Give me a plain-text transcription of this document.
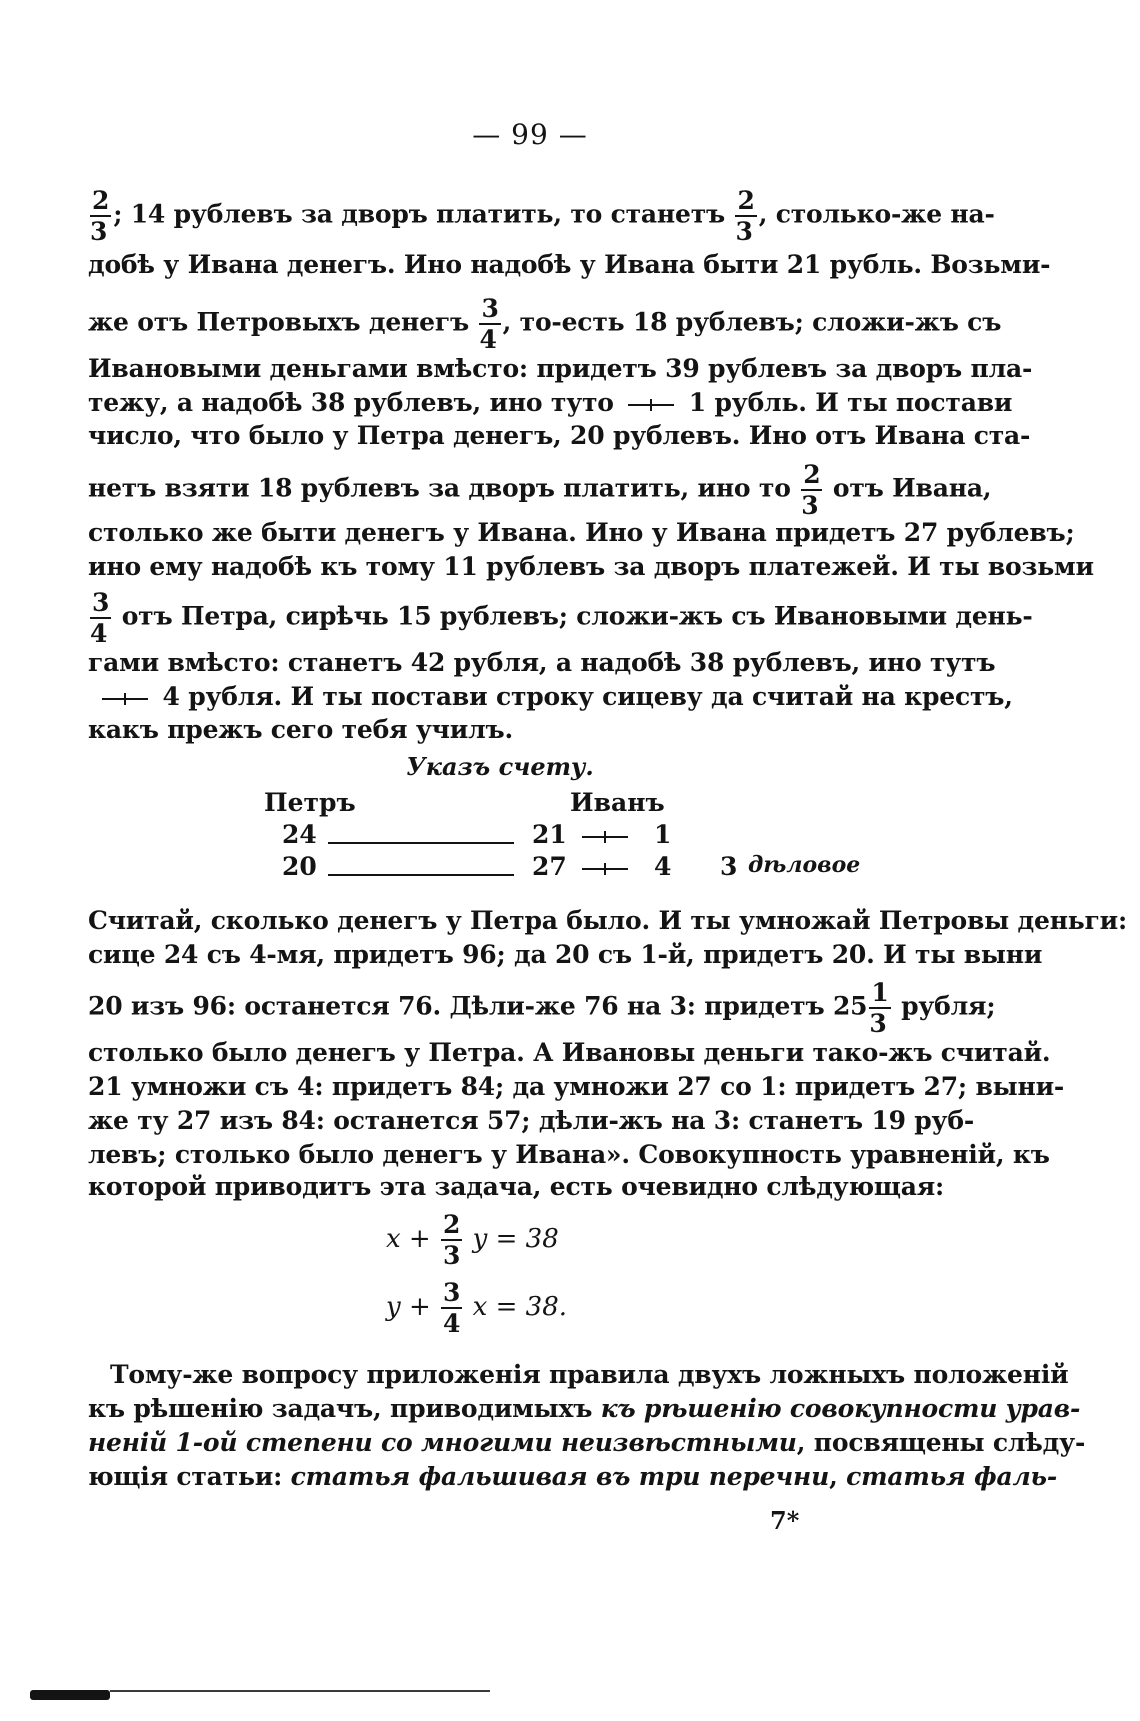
— 99 —
$\frac{2}{3}$ ; 14 рублевъ за дворъ платить, то станетъ $\frac{2}{3}$ , столько-же на-
добѣ у Ивана денегъ. Ино надобѣ у Ивана быти 21 рубль. Возьми-
же отъ Петровыхъ денегъ $\frac{3}{4}$ , то-есть 18 рублевъ; сложи-жъ съ
Ивановыми деньгами вмѣсто: придетъ 39 рублевъ за дворъ пла-
тежу, а надобѣ 38 рублевъ, ино туто  1 рубль. И ты постави
число, что было у Петра денегъ, 20 рублевъ. Ино отъ Ивана ста-
нетъ взяти 18 рублевъ за дворъ платить, ино то $\frac{2}{3}$ отъ Ивана,
столько же быти денегъ у Ивана. Ино у Ивана придетъ 27 рублевъ;
ино ему надобѣ къ тому 11 рублевъ за дворъ платежей. И ты возьми
$\frac{3}{4}$ отъ Петра, сирѣчь 15 рублевъ; сложи-жъ съ Ивановыми день-
гами вмѣсто: станетъ 42 рубля, а надобѣ 38 рублевъ, ино тутъ
4 рубля. И ты постави строку сицеву да считай на крестъ,
какъ прежъ сего тебя училъ.
Указъ счету.
Петръ	Иванъ
24	21	1
20	27	4 3 дѣловое
Считай, сколько денегъ у Петра было. И ты умножай Петровы деньги:
сице 24 съ 4-мя, придетъ 96; да 20 съ 1-й, придетъ 20. И ты выни
20 изъ 96: останется 76. Дѣли-же 76 на 3: придетъ $25 \frac{1}{3}$ рубля;
столько было денегъ у Петра. А Ивановы деньги тако-жъ считай.
21 умножи съ 4: придетъ 84; да умножи 27 со 1: придетъ 27; выни-
же ту 27 изъ 84: останется 57; дѣли-жъ на 3: станетъ 19 руб-
левъ; столько было денегъ у Ивана». Совокупность уравненій, къ
которой приводитъ эта задача, есть очевидно слѣдующая:
$x + \frac{2}{3}$ y = 38
$y + \frac{3}{4}$ x = 38.
Тому-же вопросу приложенія правила двухъ ложныхъ положеній
къ рѣшенію задачъ, приводимыхъ къ рѣшенію совокупности урав-
неній 1-ой степени со многими неизвѣстными, посвящены слѣду-
ющія статьи: статья фальшивая въ три перечни, статья фаль-
7*
